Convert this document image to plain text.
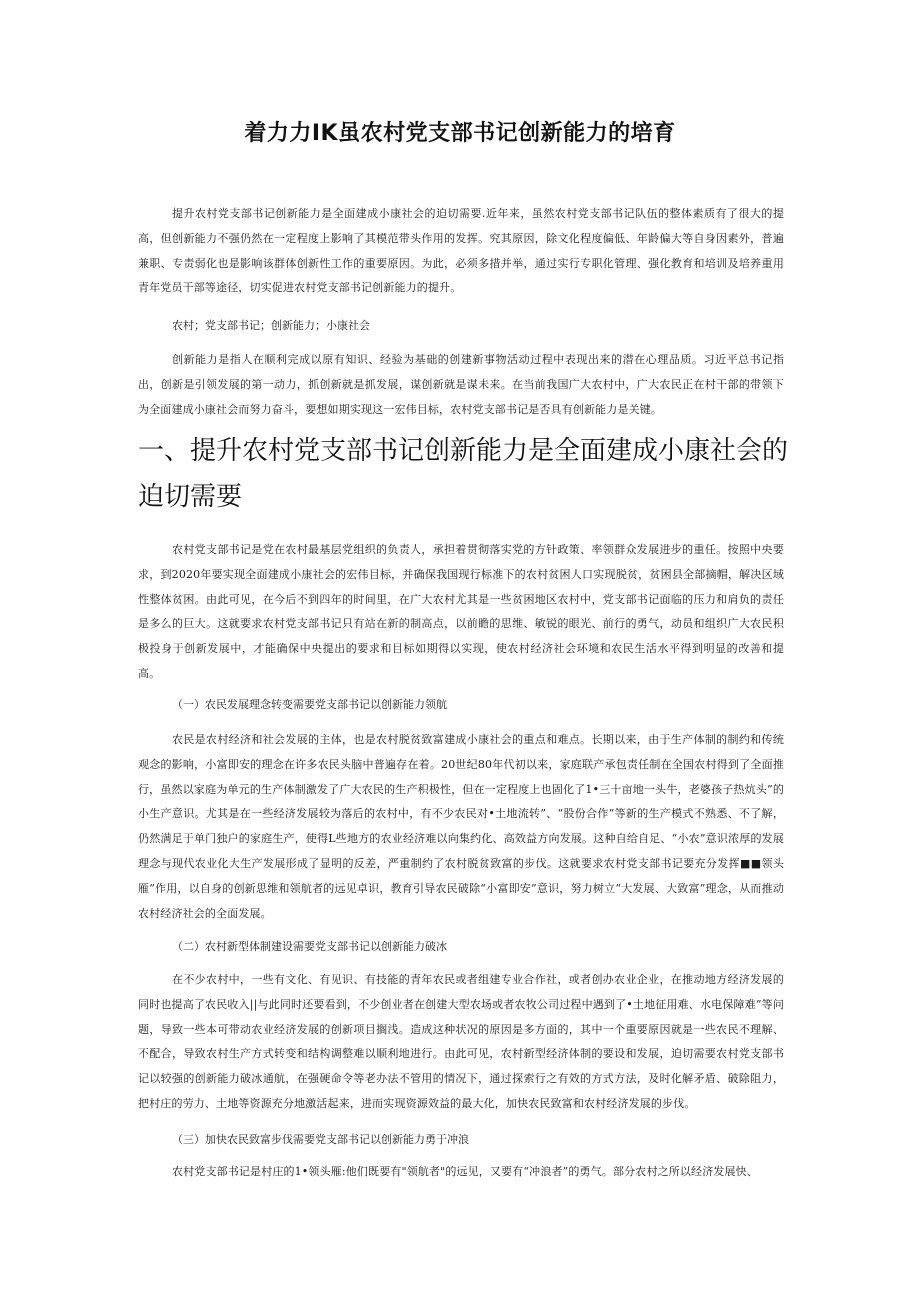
着力力IK虽农村党支部书记创新能力的培育
提升农村党支部书记创新能力是全面建成小康社会的迫切需要.近年来，虽然农村党支部书记队伍的整体素质有了很大的提高，但创新能力不强仍然在一定程度上影响了其模范带头作用的发挥。究其原因，除文化程度偏低、年龄偏大等自身因素外，普遍兼职、专责弱化也是影响该群体创新性工作的重要原因。为此，必须多措并举，通过实行专职化管理、强化教育和培训及培养重用青年党员干部等途径，切实促进农村党支部书记创新能力的提升。
农村；党支部书记；创新能力；小康社会
创新能力是指人在顺利完成以原有知识、经验为基础的创建新事物活动过程中表现出来的潜在心理品质。习近平总书记指出，创新是引领发展的第一动力，抓创新就是抓发展，谋创新就是谋未来。在当前我国广大农村中，广大农民正在村干部的带领下为全面建成小康社会而努力奋斗，要想如期实现这一宏伟目标，农村党支部书记是否具有创新能力是关键。
一、提升农村党支部书记创新能力是全面建成小康社会的迫切需要
农村党支部书记是党在农村最基层党组织的负责人，承担着贯彻落实党的方针政策、率领群众发展进步的重任。按照中央要求，到2020年要实现全面建成小康社会的宏伟目标，并确保我国现行标准下的农村贫困人口实现脱贫，贫困县全部摘帽，解决区域性整体贫困。由此可见，在今后不到四年的时间里，在广大农村尤其是一些贫困地区农村中，党支部书记面临的压力和肩负的责任是多么的巨大。这就要求农村党支部书记只有站在新的制高点，以前瞻的思维、敏锐的眼光、前行的勇气，动员和组织广大农民积极投身于创新发展中，才能确保中央提出的要求和目标如期得以实现，使农村经济社会环境和农民生活水平得到明显的改善和提高。
（一）农民发展理念转变需要党支部书记以创新能力领航
农民是农村经济和社会发展的主体，也是农村脱贫致富建成小康社会的重点和难点。长期以来，由于生产体制的制约和传统观念的影响，小富即安的理念在许多农民头脑中普遍存在着。20世纪80年代初以来，家庭联产承包责任制在全国农村得到了全面推行，虽然以家庭为单元的生产体制激发了广大农民的生产积极性，但在一定程度上也固化了1•三十亩地一头牛，老婆孩子热炕头”的小生产意识。尤其是在一些经济发展较为落后的农村中，有不少农民对•土地流转”、“股份合作”等新的生产模式不熟悉、不了解，仍然满足于单门独户的家庭生产，使得L些地方的农业经济难以向集约化、高效益方向发展。这种自给自足、“小农”意识浓厚的发展理念与现代农业化大生产发展形成了显明的反差，严重制约了农村脱贫致富的步伐。这就要求农村党支部书记要充分发挥■■领头雁”作用，以自身的创新思维和领航者的远见卓识，教育引导农民破除“小富即安”意识，努力树立“大发展、大致富”理念，从而推动农村经济社会的全面发展。
（二）农村新型体制建设需要党支部书记以创新能力破冰
在不少农村中，一些有文化、有见识、有技能的青年农民或者组建专业合作社，或者创办农业企业，在推动地方经济发展的同时也提高了农民收入||与此同时还要看到，不少创业者在创建大型农场或者农牧公司过程中遇到了•土地征用难、水电保障难”等问题，导致一些本可带动农业经济发展的创新项目搁浅。造成这种状况的原因是多方面的，其中一个重要原因就是一些农民不理解、不配合，导致农村生产方式转变和结构调整难以顺利地进行。由此可见，农村新型经济体制的要设和发展，迫切需要农村党支部书记以较强的创新能力破冰通航，在强硬命令等老办法不管用的情况下，通过探索行之有效的方式方法，及时化解矛盾、破除阻力，把村庄的劳力、土地等资源充分地激活起来，进而实现资源效益的最大化，加快农民致富和农村经济发展的步伐。
（三）加快农民致富步伐需要党支部书记以创新能力勇于冲浪
农村党支部书记是村庄的1•领头雁:他们既要有"领航者"的远见，又要有“冲浪者”的勇气。部分农村之所以经济发展快、
